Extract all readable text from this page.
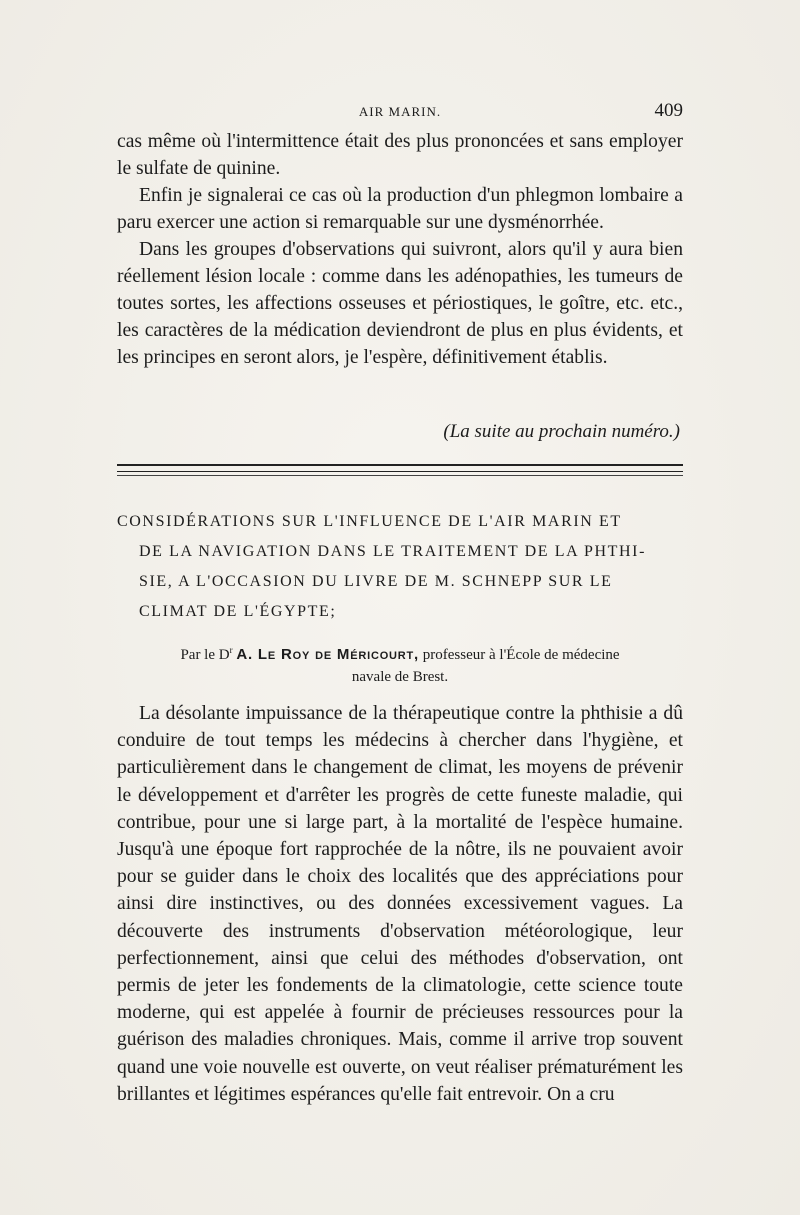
AIR MARIN.	409

cas même où l'intermittence était des plus prononcées et sans employer le sulfate de quinine.

Enfin je signalerai ce cas où la production d'un phlegmon lombaire a paru exercer une action si remarquable sur une dysménorrhée.

Dans les groupes d'observations qui suivront, alors qu'il y aura bien réellement lésion locale : comme dans les adénopathies, les tumeurs de toutes sortes, les affections osseuses et périostiques, le goître, etc. etc., les caractères de la médication deviendront de plus en plus évidents, et les principes en seront alors, je l'espère, définitivement établis.

(La suite au prochain numéro.)
CONSIDÉRATIONS SUR L'INFLUENCE DE L'AIR MARIN ET
DE LA NAVIGATION DANS LE TRAITEMENT DE LA PHTHI-
SIE, A L'OCCASION DU LIVRE DE M. SCHNEPP SUR LE
CLIMAT DE L'ÉGYPTE;
Par le $D^r$ A. Le Roy de Méricourt, professeur à l'École de médecine
navale de Brest.

La désolante impuissance de la thérapeutique contre la phthisie a dû conduire de tout temps les médecins à chercher dans l'hygiène, et particulièrement dans le changement de climat, les moyens de prévenir le développement et d'arrêter les progrès de cette funeste maladie, qui contribue, pour une si large part, à la mortalité de l'espèce humaine. Jusqu'à une époque fort rapprochée de la nôtre, ils ne pouvaient avoir pour se guider dans le choix des localités que des appréciations pour ainsi dire instinctives, ou des données excessivement vagues. La découverte des instruments d'observation météorologique, leur perfectionnement, ainsi que celui des méthodes d'observation, ont permis de jeter les fondements de la climatologie, cette science toute moderne, qui est appelée à fournir de précieuses ressources pour la guérison des maladies chroniques. Mais, comme il arrive trop souvent quand une voie nouvelle est ouverte, on veut réaliser prématurément les brillantes et légitimes espérances qu'elle fait entrevoir. On a cru
